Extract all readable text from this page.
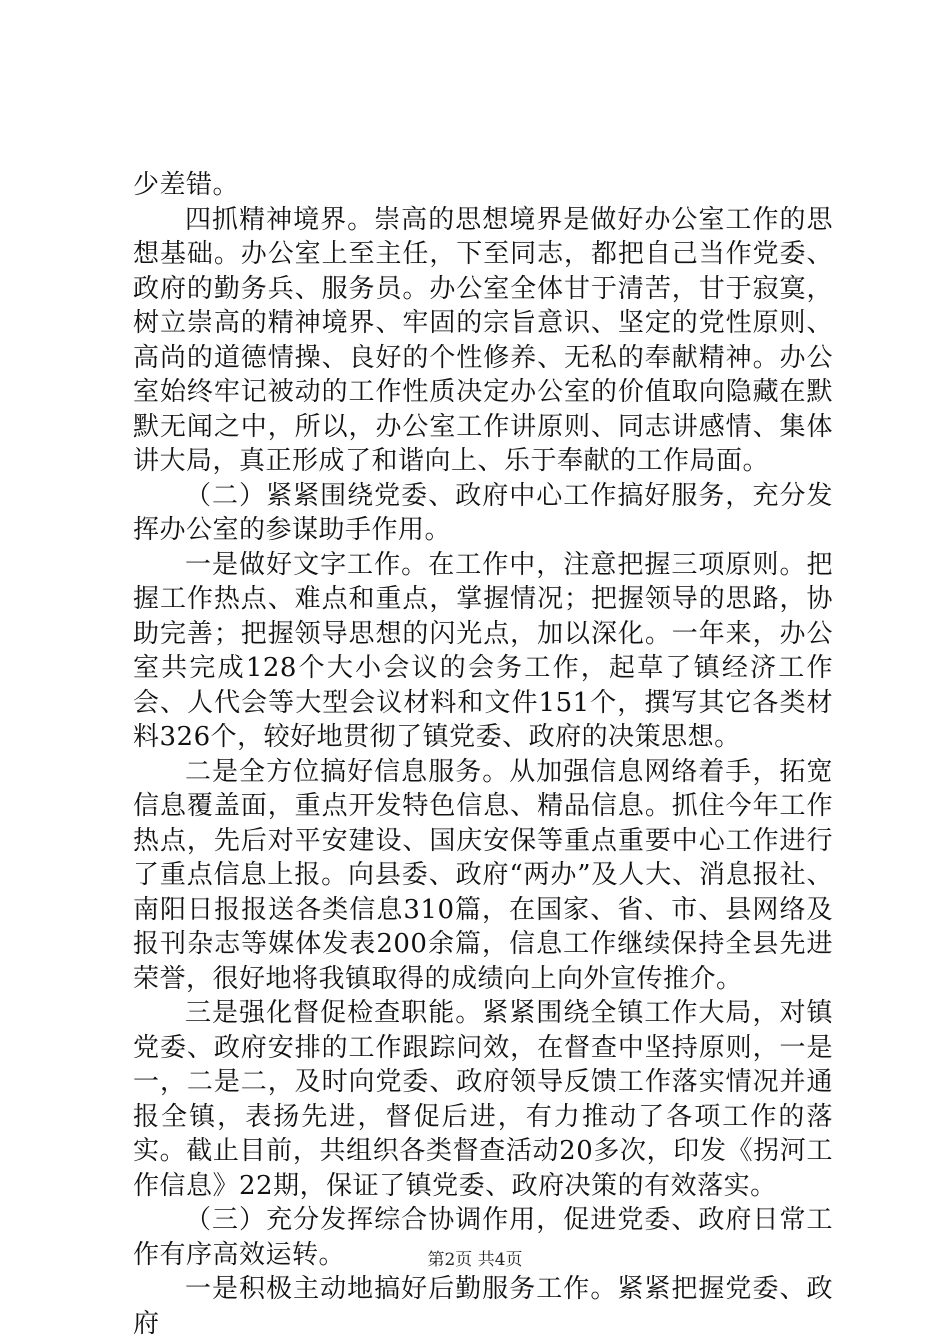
少差错。

四抓精神境界。崇高的思想境界是做好办公室工作的思想基础。办公室上至主任，下至同志，都把自己当作党委、政府的勤务兵、服务员。办公室全体甘于清苦，甘于寂寞，树立崇高的精神境界、牢固的宗旨意识、坚定的党性原则、高尚的道德情操、良好的个性修养、无私的奉献精神。办公室始终牢记被动的工作性质决定办公室的价值取向隐藏在默默无闻之中，所以，办公室工作讲原则、同志讲感情、集体讲大局，真正形成了和谐向上、乐于奉献的工作局面。

（二）紧紧围绕党委、政府中心工作搞好服务，充分发挥办公室的参谋助手作用。

一是做好文字工作。在工作中，注意把握三项原则。把握工作热点、难点和重点，掌握情况；把握领导的思路，协助完善；把握领导思想的闪光点，加以深化。一年来，办公室共完成128个大小会议的会务工作，起草了镇经济工作会、人代会等大型会议材料和文件151个，撰写其它各类材料326个，较好地贯彻了镇党委、政府的决策思想。

二是全方位搞好信息服务。从加强信息网络着手，拓宽信息覆盖面，重点开发特色信息、精品信息。抓住今年工作热点，先后对平安建设、国庆安保等重点重要中心工作进行了重点信息上报。向县委、政府“两办”及人大、消息报社、南阳日报报送各类信息310篇，在国家、省、市、县网络及报刊杂志等媒体发表200余篇，信息工作继续保持全县先进荣誉，很好地将我镇取得的成绩向上向外宣传推介。

三是强化督促检查职能。紧紧围绕全镇工作大局，对镇党委、政府安排的工作跟踪问效，在督查中坚持原则，一是一，二是二，及时向党委、政府领导反馈工作落实情况并通报全镇，表扬先进，督促后进，有力推动了各项工作的落实。截止目前，共组织各类督查活动20多次，印发《拐河工作信息》22期，保证了镇党委、政府决策的有效落实。

（三）充分发挥综合协调作用，促进党委、政府日常工作有序高效运转。

一是积极主动地搞好后勤服务工作。紧紧把握党委、政府

第2页 共4页
